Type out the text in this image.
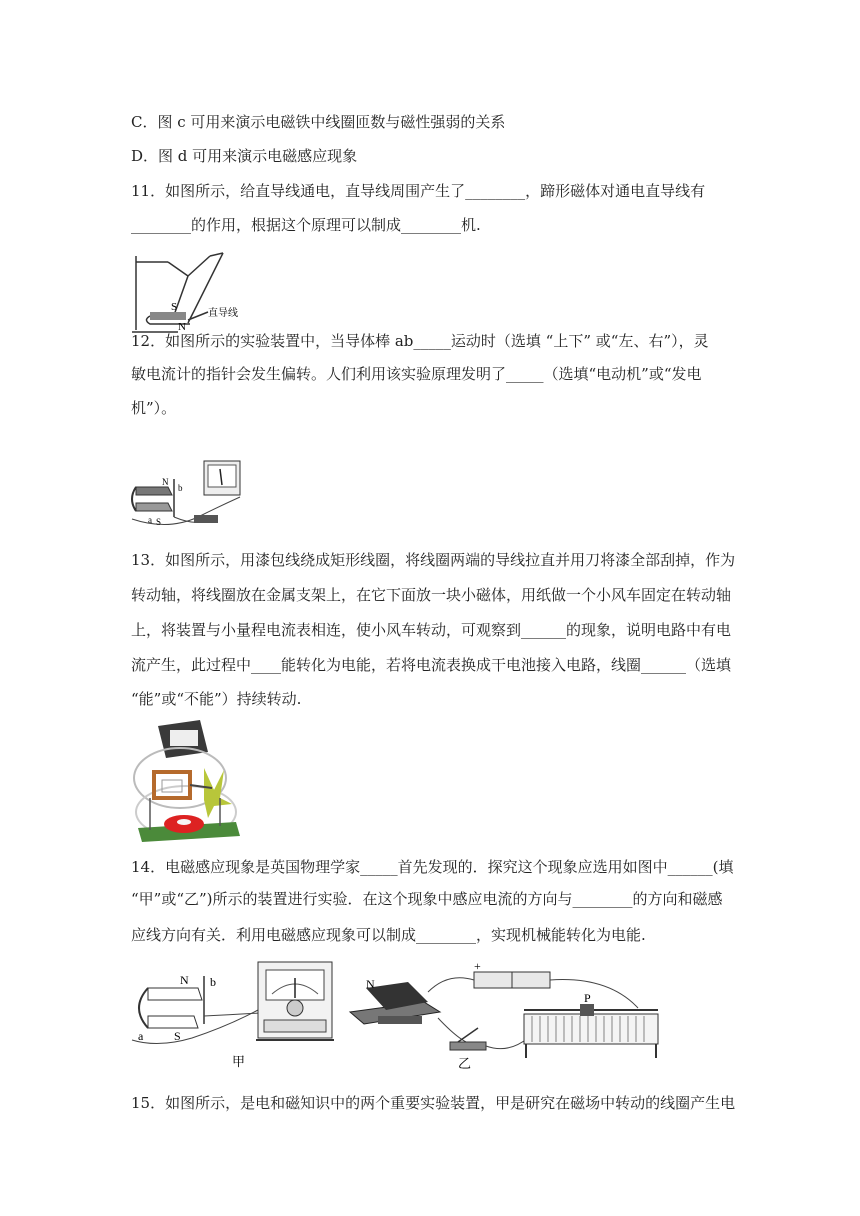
C．图 c 可用来演示电磁铁中线圈匝数与磁性强弱的关系
D．图 d 可用来演示电磁感应现象
11．如图所示，给直导线通电，直导线周围产生了________，蹄形磁体对通电直导线有
________的作用，根据这个原理可以制成________机.
S
N
直导线
12．如图所示的实验装置中，当导体棒 ab_____运动时（选填 “上下” 或“左、右”），灵
敏电流计的指针会发生偏转。人们利用该实验原理发明了_____（选填“电动机”或“发电
机”）。
N
S
b
a
13．如图所示，用漆包线绕成矩形线圈，将线圈两端的导线拉直并用刀将漆全部刮掉，作为
转动轴，将线圈放在金属支架上，在它下面放一块小磁体，用纸做一个小风车固定在转动轴
上，将装置与小量程电流表相连，使小风车转动，可观察到______的现象，说明电路中有电
流产生，此过程中____能转化为电能，若将电流表换成干电池接入电路，线圈______（选填
“能”或“不能”）持续转动.
14．电磁感应现象是英国物理学家_____首先发现的．探究这个现象应选用如图中______(填
“甲”或“乙”)所示的装置进行实验．在这个现象中感应电流的方向与________的方向和磁感
应线方向有关．利用电磁感应现象可以制成________，实现机械能转化为电能.
N
S
b
a
甲
N
P
+
乙
15．如图所示，是电和磁知识中的两个重要实验装置，甲是研究在磁场中转动的线圈产生电
